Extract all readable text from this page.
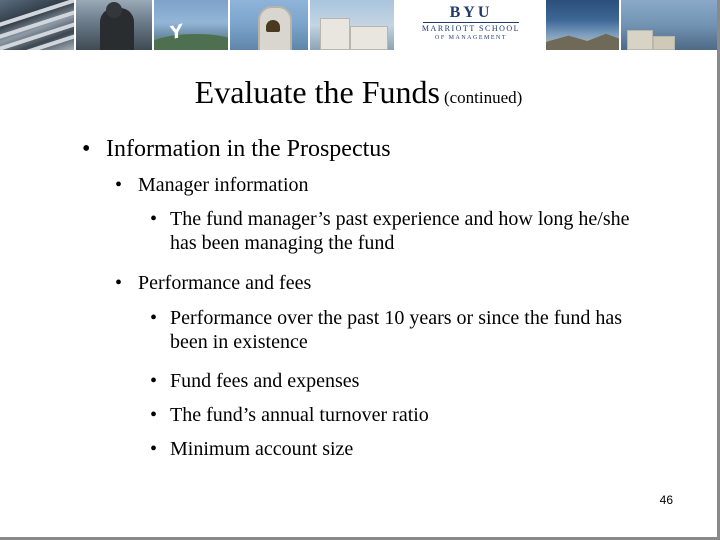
Y
BYU
MARRIOTT SCHOOL
OF MANAGEMENT
Evaluate the Funds (continued)
• Information in the Prospectus
• Manager information
• The fund manager’s past experience and how long he/she has been managing the fund
• Performance and fees
• Performance over the past 10 years or since the fund has been in existence
• Fund fees and expenses
• The fund’s annual turnover ratio
• Minimum account size
46
